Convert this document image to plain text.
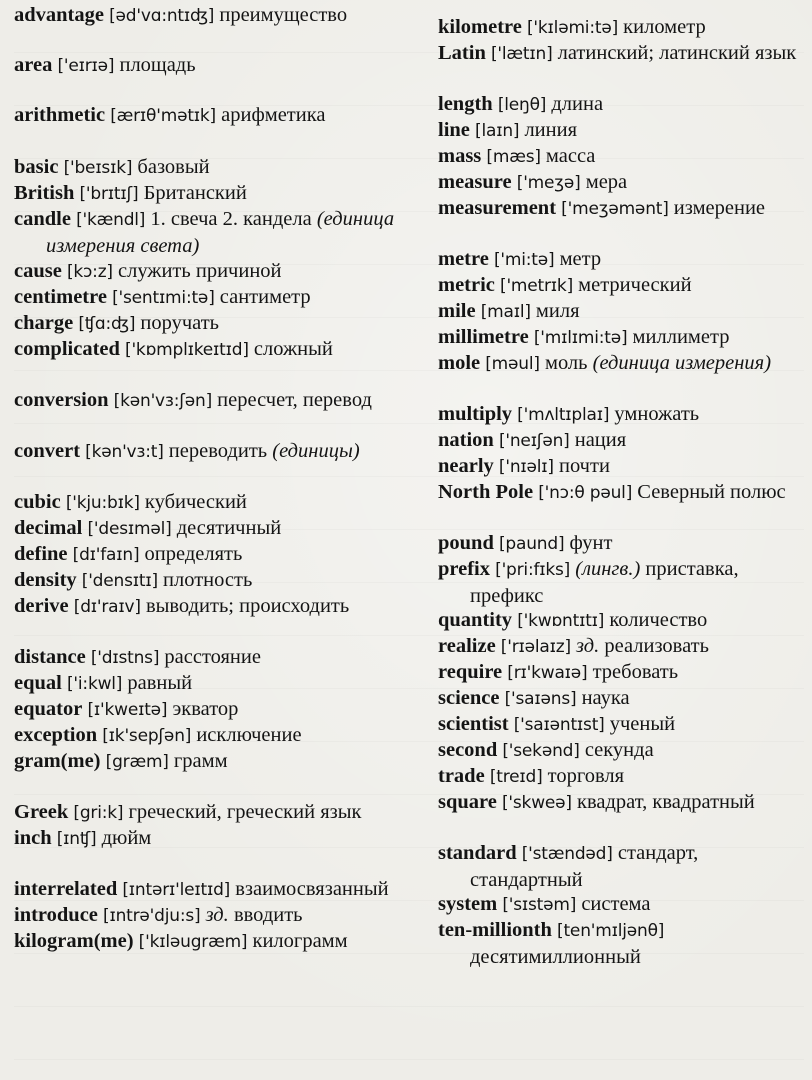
advantage [əd'vɑ:ntɪʤ] преимущество

area ['eɪrɪə] площадь

arithmetic [ærɪθ'mətɪk] арифметика

basic ['beɪsɪk] базовый

British ['brɪtɪʃ] Британский

candle ['kændl] 1. свеча 2. кандела (единица измерения света)

cause [kɔ:z] служить причиной

centimetre ['sentɪmi:tə] сантиметр

charge [ʧɑ:ʤ] поручать

complicated ['kɒmplɪkeɪtɪd] сложный

conversion [kən'vɜ:ʃən] пересчет, перевод

convert [kən'vɜ:t] переводить (единицы)

cubic ['kju:bɪk] кубический

decimal ['desɪməl] десятичный

define [dɪ'faɪn] определять

density ['densɪtɪ] плотность

derive [dɪ'raɪv] выводить; происходить

distance ['dɪstns] расстояние

equal ['i:kwl] равный

equator [ɪ'kweɪtə] экватор

exception [ɪk'sepʃən] исключение

gram(me) [græm] грамм

Greek [gri:k] греческий, греческий язык

inch [ɪnʧ] дюйм

interrelated [ɪntərɪ'leɪtɪd] взаимосвязанный

introduce [ɪntrə'dju:s] зд. вводить

kilogram(me) ['kɪləugræm] килограмм

kilometre ['kɪləmi:tə] километр

Latin ['lætɪn] латинский; латинский язык

length [leŋθ] длина

line [laɪn] линия

mass [mæs] масса

measure ['meʒə] мера

measurement ['meʒəmənt] измерение

metre ['mi:tə] метр

metric ['metrɪk] метрический

mile [maɪl] миля

millimetre ['mɪlɪmi:tə] миллиметр

mole [məul] моль (единица измерения)

multiply ['mʌltɪplaɪ] умножать

nation ['neɪʃən] нация

nearly ['nɪəlɪ] почти

North Pole ['nɔ:θ pəul] Северный полюс

pound [paund] фунт

prefix ['pri:fɪks] (лингв.) приставка, префикс

quantity ['kwɒntɪtɪ] количество

realize ['rɪəlaɪz] зд. реализовать

require [rɪ'kwaɪə] требовать

science ['saɪəns] наука

scientist ['saɪəntɪst] ученый

second ['sekənd] секунда

trade [treɪd] торговля

square ['skweə] квадрат, квадратный

standard ['stændəd] стандарт, стандартный

system ['sɪstəm] система

ten-millionth [ten'mɪljənθ] десятимиллионный
